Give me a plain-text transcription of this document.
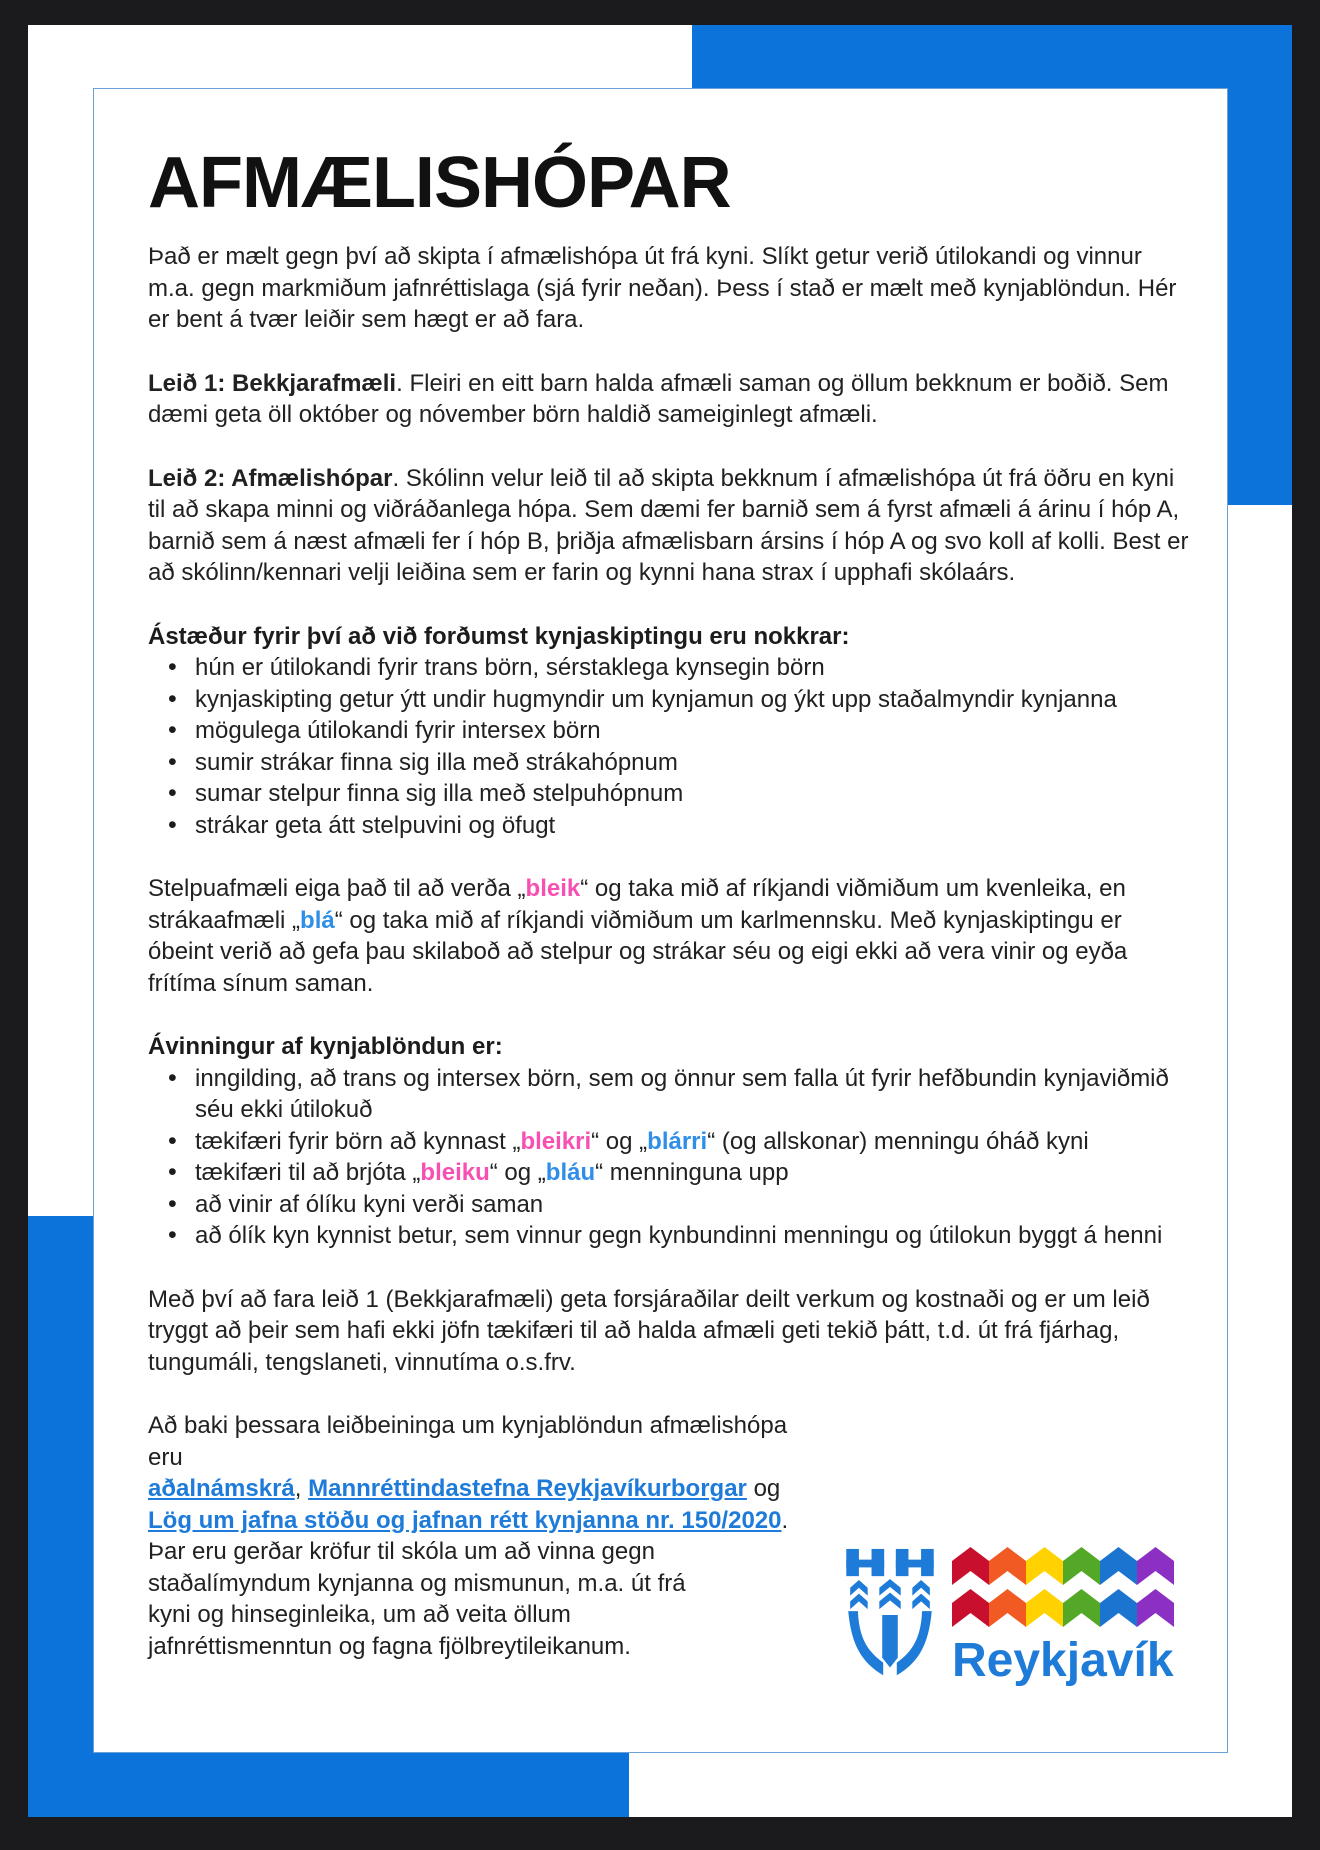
AFMÆLISHÓPAR

Það er mælt gegn því að skipta í afmælishópa út frá kyni. Slíkt getur verið útilokandi og vinnur m.a. gegn markmiðum jafnréttislaga (sjá fyrir neðan). Þess í stað er mælt með kynjablöndun. Hér er bent á tvær leiðir sem hægt er að fara.

Leið 1: Bekkjarafmæli. Fleiri en eitt barn halda afmæli saman og öllum bekknum er boðið. Sem dæmi geta öll október og nóvember börn haldið sameiginlegt afmæli.

Leið 2: Afmælishópar. Skólinn velur leið til að skipta bekknum í afmælishópa út frá öðru en kyni til að skapa minni og viðráðanlega hópa. Sem dæmi fer barnið sem á fyrst afmæli á árinu í hóp A, barnið sem á næst afmæli fer í hóp B, þriðja afmælisbarn ársins í hóp A og svo koll af kolli. Best er að skólinn/kennari velji leiðina sem er farin og kynni hana strax í upphafi skólaárs.

Ástæður fyrir því að við forðumst kynjaskiptingu eru nokkrar:
• hún er útilokandi fyrir trans börn, sérstaklega kynsegin börn
• kynjaskipting getur ýtt undir hugmyndir um kynjamun og ýkt upp staðalmyndir kynjanna
• mögulega útilokandi fyrir intersex börn
• sumir strákar finna sig illa með strákahópnum
• sumar stelpur finna sig illa með stelpuhópnum
• strákar geta átt stelpuvini og öfugt

Stelpuafmæli eiga það til að verða „bleik“ og taka mið af ríkjandi viðmiðum um kvenleika, en strákaafmæli „blá“ og taka mið af ríkjandi viðmiðum um karlmennsku. Með kynjaskiptingu er óbeint verið að gefa þau skilaboð að stelpur og strákar séu og eigi ekki að vera vinir og eyða frítíma sínum saman.

Ávinningur af kynjablöndun er:
• inngilding, að trans og intersex börn, sem og önnur sem falla út fyrir hefðbundin kynjaviðmið séu ekki útilokuð
• tækifæri fyrir börn að kynnast „bleikri“ og „blárri“ (og allskonar) menningu óháð kyni
• tækifæri til að brjóta „bleiku“ og „bláu“ menninguna upp
• að vinir af ólíku kyni verði saman
• að ólík kyn kynnist betur, sem vinnur gegn kynbundinni menningu og útilokun byggt á henni

Með því að fara leið 1 (Bekkjarafmæli) geta forsjáraðilar deilt verkum og kostnaði og er um leið tryggt að þeir sem hafi ekki jöfn tækifæri til að halda afmæli geti tekið þátt, t.d. út frá fjárhag, tungumáli, tengslaneti, vinnutíma o.s.frv.

Að baki þessara leiðbeininga um kynjablöndun afmælishópa eru
aðalnámskrá, Mannréttindastefna Reykjavíkurborgar og
Lög um jafna stöðu og jafnan rétt kynjanna nr. 150/2020.
Þar eru gerðar kröfur til skóla um að vinna gegn
staðalímyndum kynjanna og mismunun, m.a. út frá
kyni og hinseginleika, um að veita öllum
jafnréttismenntun og fagna fjölbreytileikanum.	Reykjavík
